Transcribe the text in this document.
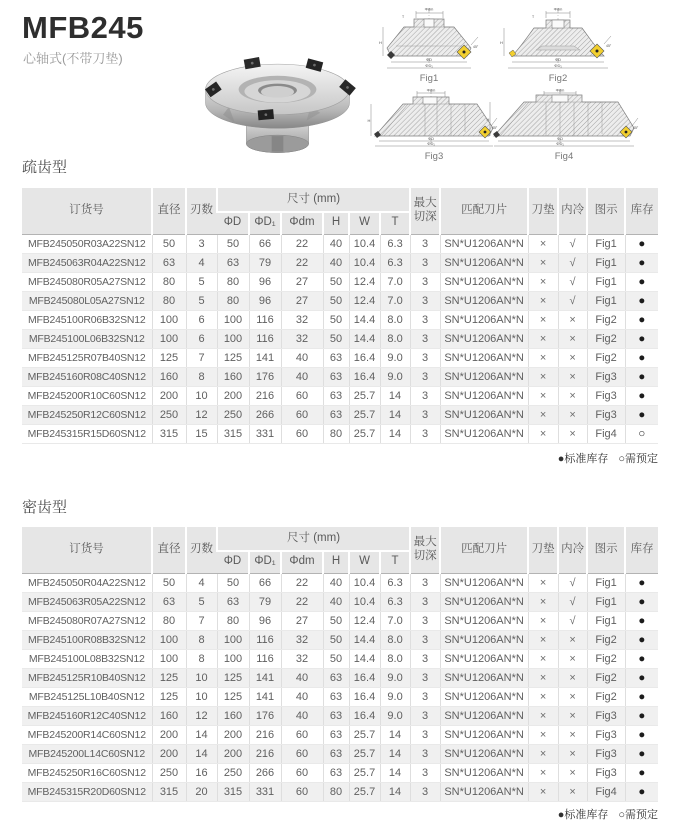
MFB245
心轴式(不带刀垫)
Φdm
T
45°
H
ΦD
ΦD₁
Fig1
Φdm
T
45°
H
ΦD
ΦD₁
Fig2
Φdm
45°
H
ΦD
ΦD₁
Fig3
Φdm
45°
H
ΦD
ΦD₁
Fig4
疏齿型
订货号	直径	刃数	尺寸 (mm)						最大切深	匹配刀片	刀垫	内冷	图示	库存
			ΦD	ΦD₁	Φdm	H	W	T						
MFB245050R03A22SN12	50	3	50	66	22	40	10.4	6.3	3	SN*U1206AN*N	×	√	Fig1	●
MFB245063R04A22SN12	63	4	63	79	22	40	10.4	6.3	3	SN*U1206AN*N	×	√	Fig1	●
MFB245080R05A27SN12	80	5	80	96	27	50	12.4	7.0	3	SN*U1206AN*N	×	√	Fig1	●
MFB245080L05A27SN12	80	5	80	96	27	50	12.4	7.0	3	SN*U1206AN*N	×	√	Fig1	●
MFB245100R06B32SN12	100	6	100	116	32	50	14.4	8.0	3	SN*U1206AN*N	×	×	Fig2	●
MFB245100L06B32SN12	100	6	100	116	32	50	14.4	8.0	3	SN*U1206AN*N	×	×	Fig2	●
MFB245125R07B40SN12	125	7	125	141	40	63	16.4	9.0	3	SN*U1206AN*N	×	×	Fig2	●
MFB245160R08C40SN12	160	8	160	176	40	63	16.4	9.0	3	SN*U1206AN*N	×	×	Fig3	●
MFB245200R10C60SN12	200	10	200	216	60	63	25.7	14	3	SN*U1206AN*N	×	×	Fig3	●
MFB245250R12C60SN12	250	12	250	266	60	63	25.7	14	3	SN*U1206AN*N	×	×	Fig3	●
MFB245315R15D60SN12	315	15	315	331	60	80	25.7	14	3	SN*U1206AN*N	×	×	Fig4	○
●标准库存 ○需预定
密齿型
订货号	直径	刃数	尺寸 (mm)						最大切深	匹配刀片	刀垫	内冷	图示	库存
			ΦD	ΦD₁	Φdm	H	W	T						
MFB245050R04A22SN12	50	4	50	66	22	40	10.4	6.3	3	SN*U1206AN*N	×	√	Fig1	●
MFB245063R05A22SN12	63	5	63	79	22	40	10.4	6.3	3	SN*U1206AN*N	×	√	Fig1	●
MFB245080R07A27SN12	80	7	80	96	27	50	12.4	7.0	3	SN*U1206AN*N	×	√	Fig1	●
MFB245100R08B32SN12	100	8	100	116	32	50	14.4	8.0	3	SN*U1206AN*N	×	×	Fig2	●
MFB245100L08B32SN12	100	8	100	116	32	50	14.4	8.0	3	SN*U1206AN*N	×	×	Fig2	●
MFB245125R10B40SN12	125	10	125	141	40	63	16.4	9.0	3	SN*U1206AN*N	×	×	Fig2	●
MFB245125L10B40SN12	125	10	125	141	40	63	16.4	9.0	3	SN*U1206AN*N	×	×	Fig2	●
MFB245160R12C40SN12	160	12	160	176	40	63	16.4	9.0	3	SN*U1206AN*N	×	×	Fig3	●
MFB245200R14C60SN12	200	14	200	216	60	63	25.7	14	3	SN*U1206AN*N	×	×	Fig3	●
MFB245200L14C60SN12	200	14	200	216	60	63	25.7	14	3	SN*U1206AN*N	×	×	Fig3	●
MFB245250R16C60SN12	250	16	250	266	60	63	25.7	14	3	SN*U1206AN*N	×	×	Fig3	●
MFB245315R20D60SN12	315	20	315	331	60	80	25.7	14	3	SN*U1206AN*N	×	×	Fig4	●
●标准库存 ○需预定
